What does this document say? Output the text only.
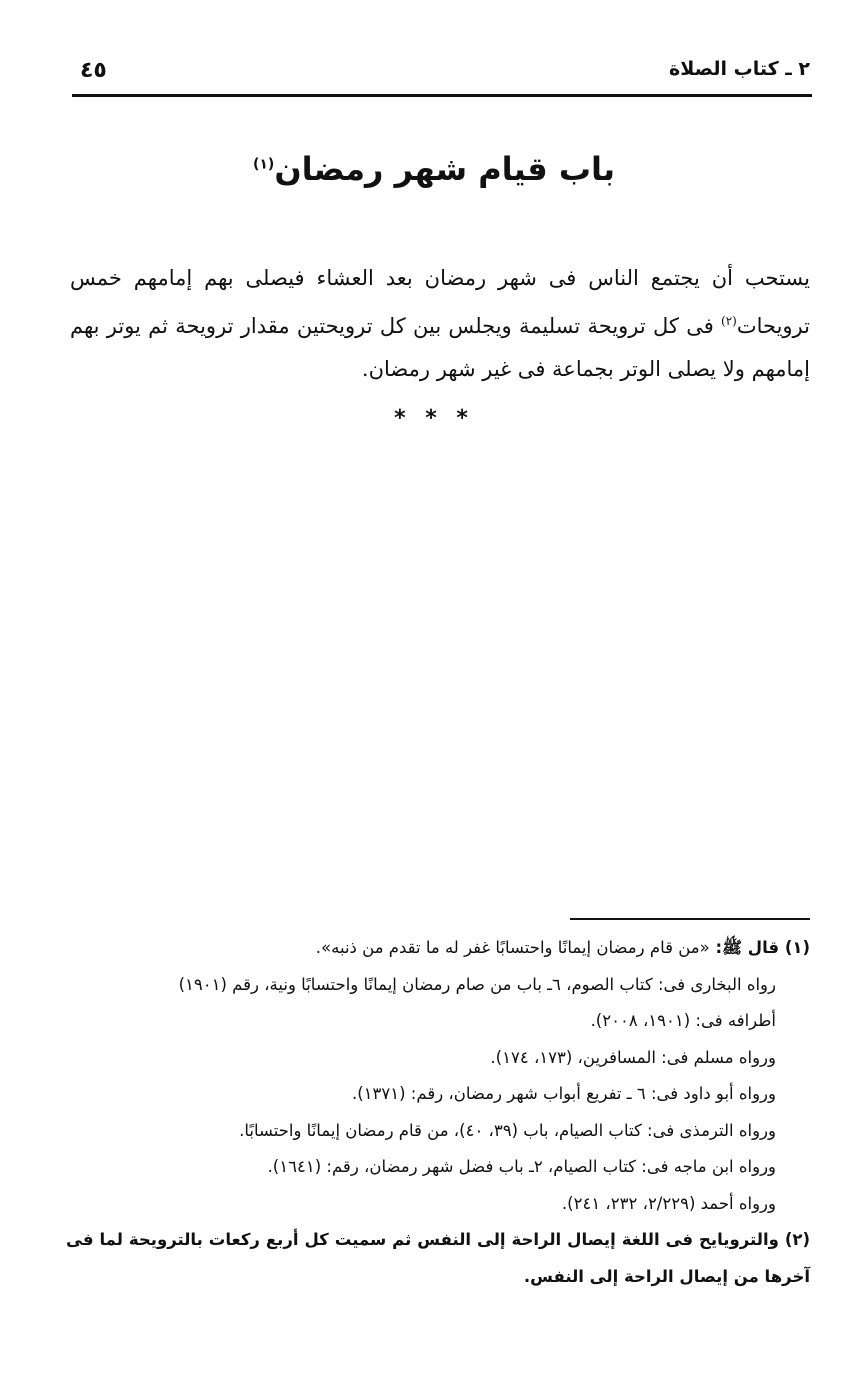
٢ ـ كتاب الصلاة
٤٥
باب قيام شهر رمضان$^{(١)}$

يستحب أن يجتمع الناس فى شهر رمضان بعد العشاء فيصلى بهم إمامهم خمس ترويحات$^{(٢)}$ فى كل ترويحة تسليمة ويجلس بين كل ترويحتين مقدار ترويحة ثم يوتر بهم إمامهم ولا يصلى الوتر بجماعة فى غير شهر رمضان.

* * *

(١) قال ﷺ: «من قام رمضان إيمانًا واحتسابًا غفر له ما تقدم من ذنبه».

رواه البخارى فى: كتاب الصوم، ٦ـ باب من صام رمضان إيمانًا واحتسابًا ونية، رقم (١٩٠١)

أطرافه فى: (١٩٠١، ٢٠٠٨).

ورواه مسلم فى: المسافرين، (١٧٣، ١٧٤).

ورواه أبو داود فى: ٦ ـ تفريع أبواب شهر رمضان، رقم: (١٣٧١).

ورواه الترمذى فى: كتاب الصيام، باب (٣٩، ٤٠)، من قام رمضان إيمانًا واحتسابًا.

ورواه ابن ماجه فى: كتاب الصيام، ٢ـ باب فضل شهر رمضان، رقم: (١٦٤١).

ورواه أحمد (٢/٢٢٩، ٢٣٢، ٢٤١).

(٢) والترويايح فى اللغة إيصال الراحة إلى النفس ثم سميت كل أربع ركعات بالترويحة لما فى آخرها من إيصال الراحة إلى النفس.
